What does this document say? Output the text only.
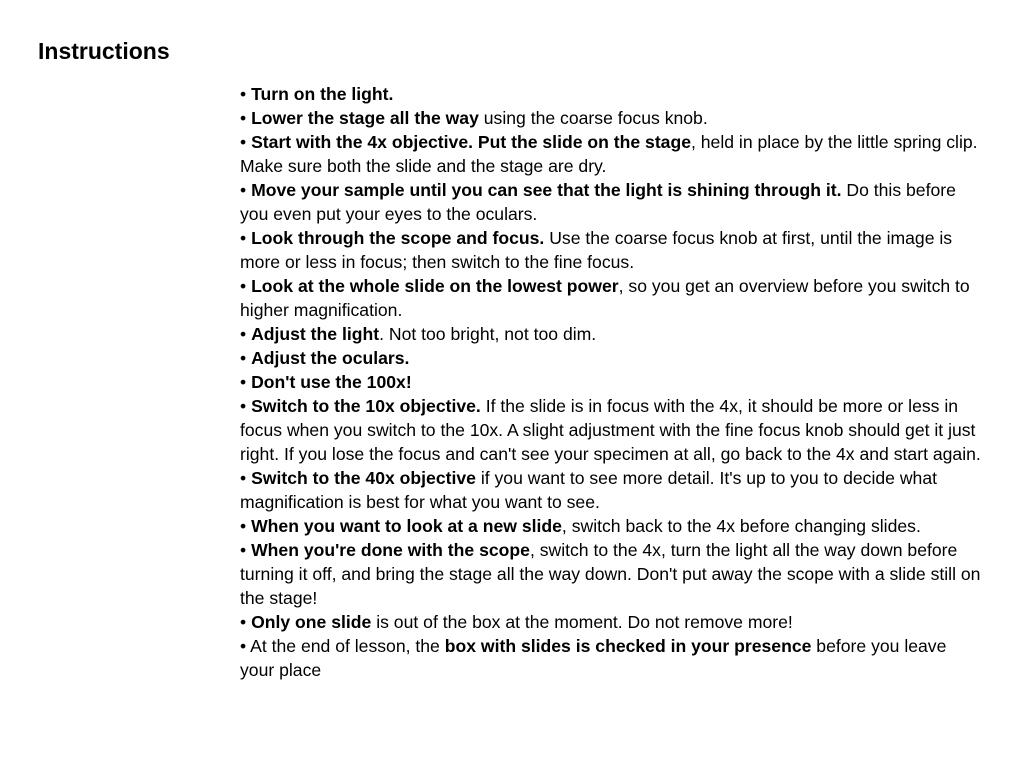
Instructions
• Turn on the light.
• Lower the stage all the way using the coarse focus knob.
• Start with the 4x objective. Put the slide on the stage, held in place by the little spring clip. Make sure both the slide and the stage are dry.
• Move your sample until you can see that the light is shining through it. Do this before you even put your eyes to the oculars.
• Look through the scope and focus. Use the coarse focus knob at first, until the image is more or less in focus; then switch to the fine focus.
• Look at the whole slide on the lowest power, so you get an overview before you switch to higher magnification.
• Adjust the light. Not too bright, not too dim.
• Adjust the oculars.
• Don't use the 100x!
• Switch to the 10x objective. If the slide is in focus with the 4x, it should be more or less in focus when you switch to the 10x. A slight adjustment with the fine focus knob should get it just right. If you lose the focus and can't see your specimen at all, go back to the 4x and start again.
• Switch to the 40x objective if you want to see more detail. It's up to you to decide what magnification is best for what you want to see.
• When you want to look at a new slide, switch back to the 4x before changing slides.
• When you're done with the scope, switch to the 4x, turn the light all the way down before turning it off, and bring the stage all the way down. Don't put away the scope with a slide still on the stage!
• Only one slide is out of the box at the moment. Do not remove more!
• At the end of lesson, the box with slides is checked in your presence before you leave your place
